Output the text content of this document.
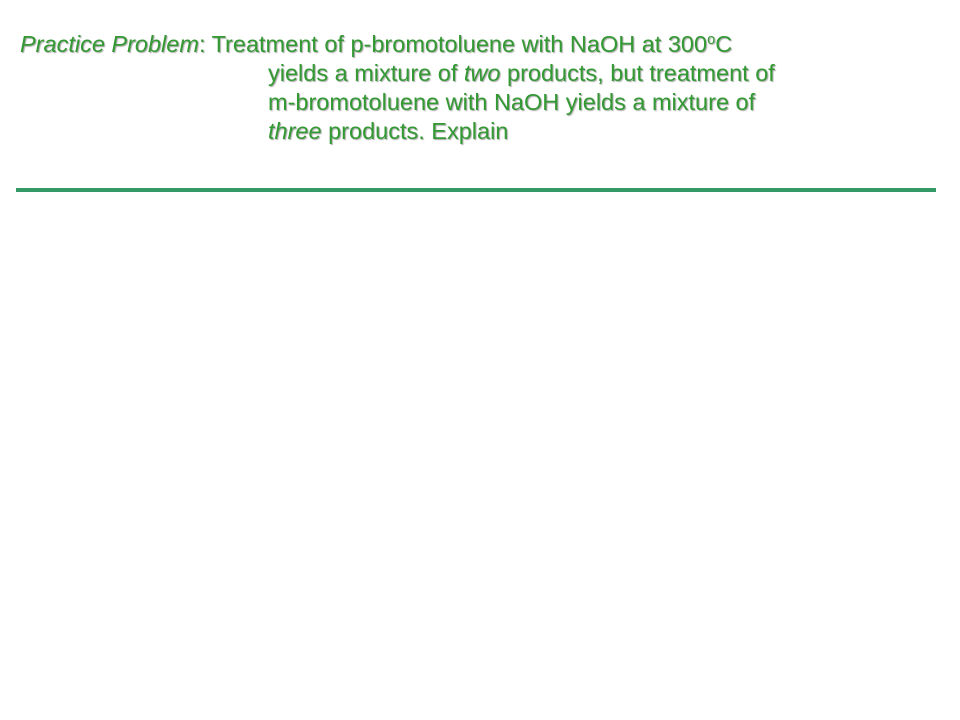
Practice Problem: Treatment of p-bromotoluene with NaOH at 300$^o$C
yields a mixture of two products, but treatment of
m-bromotoluene with NaOH yields a mixture of
three products. Explain
